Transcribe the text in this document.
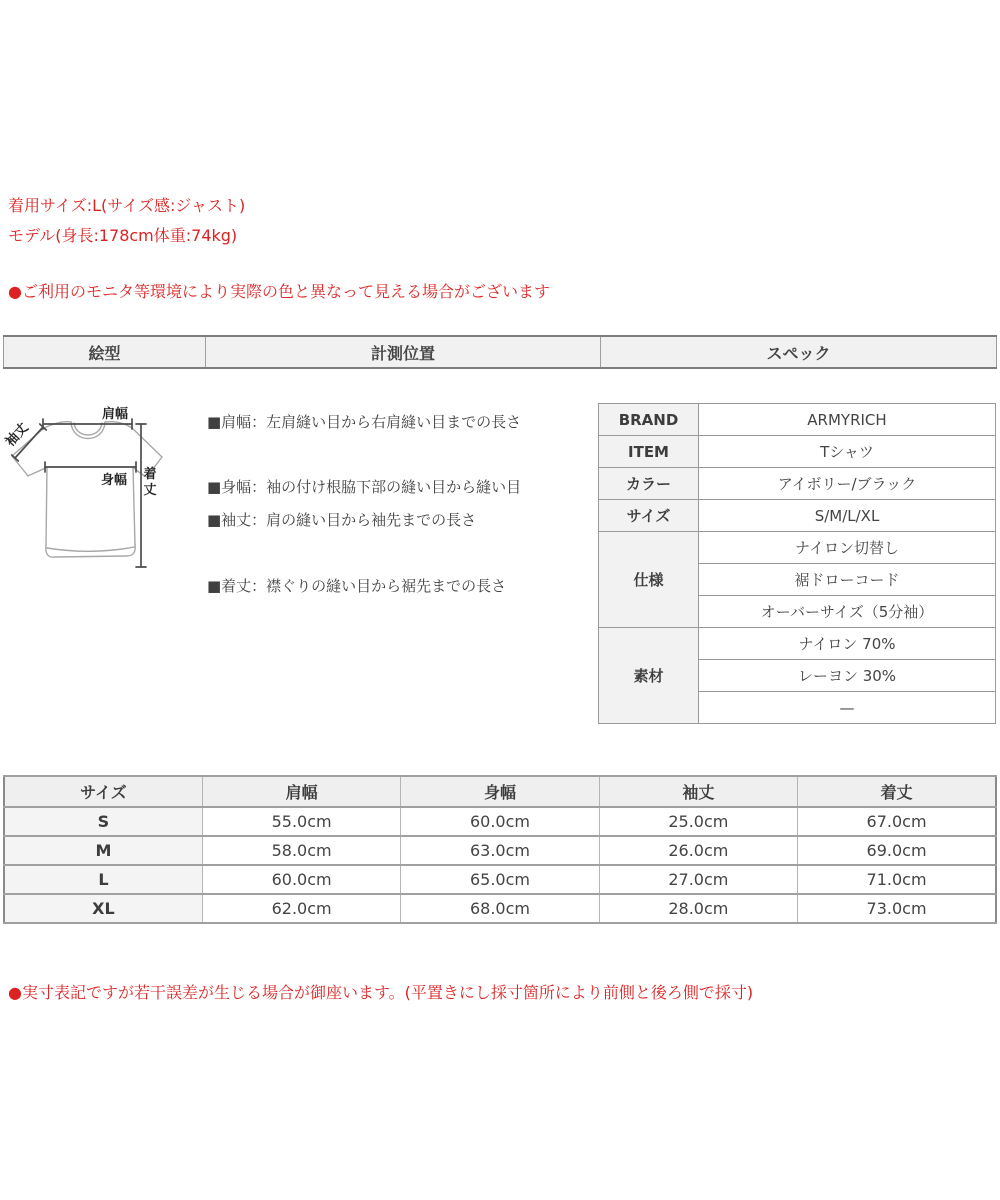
着用サイズ:L(サイズ感:ジャスト)
モデル(身長:178cm体重:74kg)
●ご利用のモニタ等環境により実際の色と異なって見える場合がございます
絵型	計測位置	スペック
肩幅
袖丈
身幅 着
丈
■肩幅：左肩縫い目から右肩縫い目までの長さ
■身幅：袖の付け根脇下部の縫い目から縫い目
■袖丈：肩の縫い目から袖先までの長さ
■着丈：襟ぐりの縫い目から裾先までの長さ
BRAND	ARMYRICH
ITEM	Tシャツ
カラー	アイボリー/ブラック
サイズ	S/M/L/XL
仕様	ナイロン切替し
	裾ドローコード
	オーバーサイズ（5分袖）
素材	ナイロン 70%
	レーヨン 30%
	—
サイズ	肩幅	身幅	袖丈	着丈
S	55.0cm	60.0cm	25.0cm	67.0cm
M	58.0cm	63.0cm	26.0cm	69.0cm
L	60.0cm	65.0cm	27.0cm	71.0cm
XL	62.0cm	68.0cm	28.0cm	73.0cm
●実寸表記ですが若干誤差が生じる場合が御座います。(平置きにし採寸箇所により前側と後ろ側で採寸)
